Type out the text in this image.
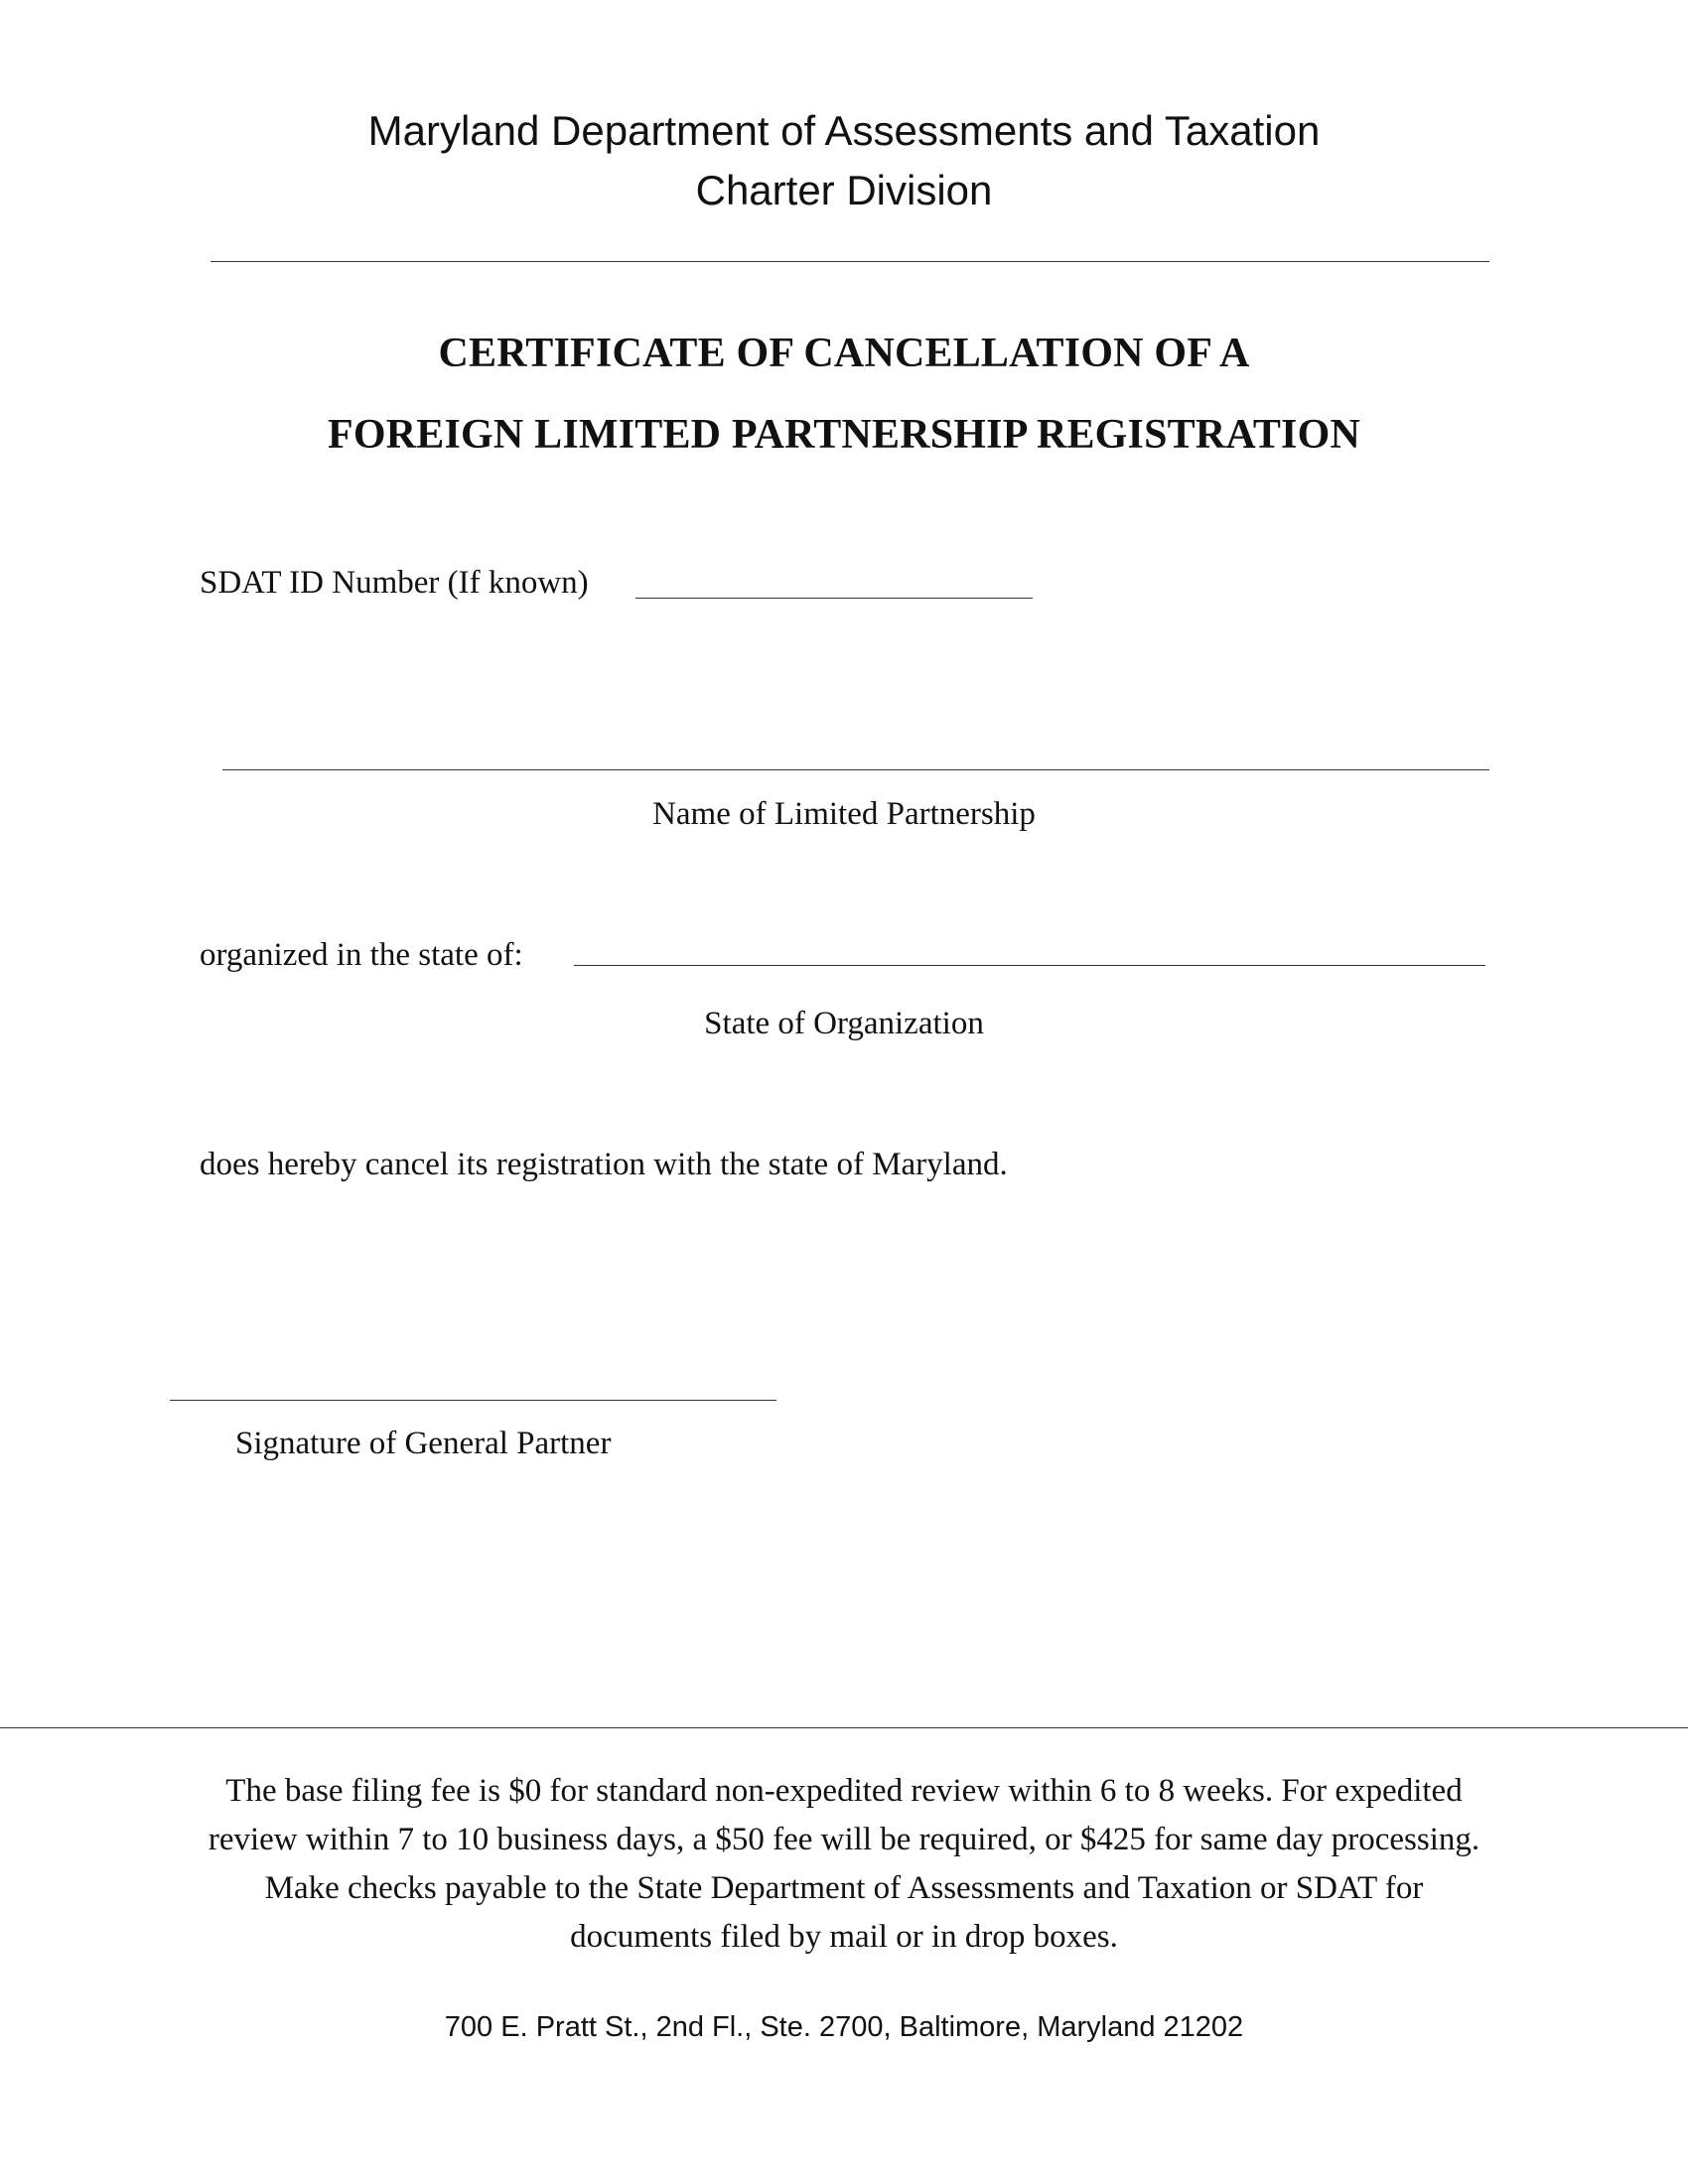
Maryland Department of Assessments and Taxation
Charter Division
CERTIFICATE OF CANCELLATION OF A
FOREIGN LIMITED PARTNERSHIP REGISTRATION
SDAT ID Number (If known)
Name of Limited Partnership
organized in the state of:
State of Organization
does hereby cancel its registration with the state of Maryland.
Signature of General Partner
The base filing fee is $0 for standard non-expedited review within 6 to 8 weeks. For expedited review within 7 to 10 business days, a $50 fee will be required, or $425 for same day processing. Make checks payable to the State Department of Assessments and Taxation or SDAT for documents filed by mail or in drop boxes.
700 E. Pratt St., 2nd Fl., Ste. 2700, Baltimore, Maryland 21202
